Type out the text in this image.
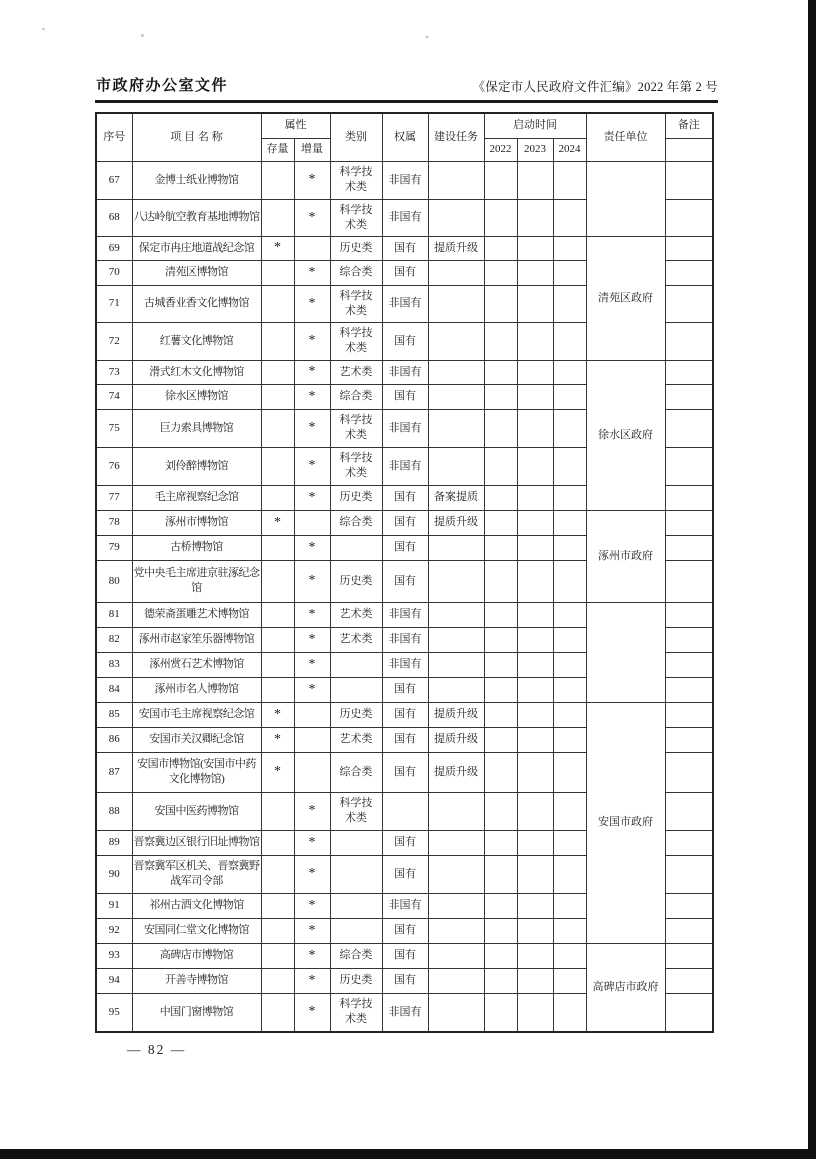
市政府办公室文件	《保定市人民政府文件汇编》2022 年第 2 号
序号	项 目 名 称	属性		类别	权属	建设任务	启动时间			责任单位	备注
		存量	增量				2022	2023	2024		
67	金博士纸业博物馆		*	科学技术类	非国有						
68	八达岭航空教育基地博物馆		*	科学技术类	非国有						
69	保定市冉庄地道战纪念馆	*		历史类	国有	提质升级				清苑区政府	
70	清苑区博物馆		*	综合类	国有						
71	古城香业香文化博物馆		*	科学技术类	非国有						
72	红薯文化博物馆		*	科学技术类	国有						
73	滑式红木文化博物馆		*	艺术类	非国有					徐水区政府	
74	徐水区博物馆		*	综合类	国有						
75	巨力索具博物馆		*	科学技术类	非国有						
76	刘伶醉博物馆		*	科学技术类	非国有						
77	毛主席视察纪念馆		*	历史类	国有	备案提质					
78	涿州市博物馆	*		综合类	国有	提质升级				涿州市政府	
79	古桥博物馆		*		国有						
80	党中央毛主席进京驻涿纪念馆		*	历史类	国有						
81	德荣斋蛋雕艺术博物馆		*	艺术类	非国有						
82	涿州市赵家笙乐器博物馆		*	艺术类	非国有						
83	涿州赏石艺术博物馆		*		非国有						
84	涿州市名人博物馆		*		国有						
85	安国市毛主席视察纪念馆	*		历史类	国有	提质升级				安国市政府	
86	安国市关汉卿纪念馆	*		艺术类	国有	提质升级					
87	安国市博物馆(安国市中药文化博物馆)	*		综合类	国有	提质升级					
88	安国中医药博物馆		*	科学技术类							
89	晋察冀边区银行旧址博物馆		*		国有						
90	晋察冀军区机关、晋察冀野战军司令部		*		国有						
91	祁州古酒文化博物馆		*		非国有						
92	安国同仁堂文化博物馆		*		国有						
93	高碑店市博物馆		*	综合类	国有					高碑店市政府	
94	开善寺博物馆		*	历史类	国有						
95	中国门窗博物馆		*	科学技术类	非国有						
— 82 —
